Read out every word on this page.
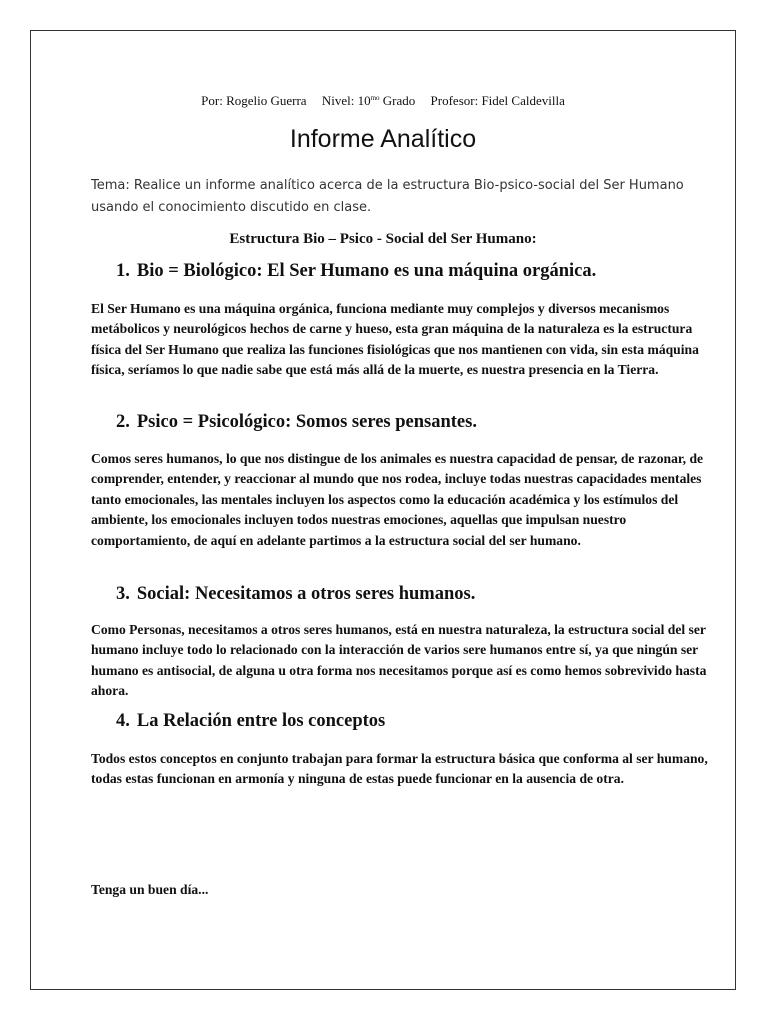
Por: Rogelio Guerra Nivel: $10^{mo}$ Grado Profesor: Fidel Caldevilla
Informe Analítico

Tema: Realice un informe analítico acerca de la estructura Bio-psico-social del Ser Humano usando el conocimiento discutido en clase.

Estructura Bio – Psico - Social del Ser Humano:
1. Bio = Biológico: El Ser Humano es una máquina orgánica.

El Ser Humano es una máquina orgánica, funciona mediante muy complejos y diversos mecanismos metábolicos y neurológicos hechos de carne y hueso, esta gran máquina de la naturaleza es la estructura física del Ser Humano que realiza las funciones fisiológicas que nos mantienen con vida, sin esta máquina física, seríamos lo que nadie sabe que está más allá de la muerte, es nuestra presencia en la Tierra.

2. Psico = Psicológico: Somos seres pensantes.

Comos seres humanos, lo que nos distingue de los animales es nuestra capacidad de pensar, de razonar, de comprender, entender, y reaccionar al mundo que nos rodea, incluye todas nuestras capacidades mentales tanto emocionales, las mentales incluyen los aspectos como la educación académica y los estímulos del ambiente, los emocionales incluyen todos nuestras emociones, aquellas que impulsan nuestro comportamiento, de aquí en adelante partimos a la estructura social del ser humano.

3. Social: Necesitamos a otros seres humanos.

Como Personas, necesitamos a otros seres humanos, está en nuestra naturaleza, la estructura social del ser humano incluye todo lo relacionado con la interacción de varios sere humanos entre sí, ya que ningún ser humano es antisocial, de alguna u otra forma nos necesitamos porque así es como hemos sobrevivido hasta ahora.

4. La Relación entre los conceptos

Todos estos conceptos en conjunto trabajan para formar la estructura básica que conforma al ser humano, todas estas funcionan en armonía y ninguna de estas puede funcionar en la ausencia de otra.

Tenga un buen día...
